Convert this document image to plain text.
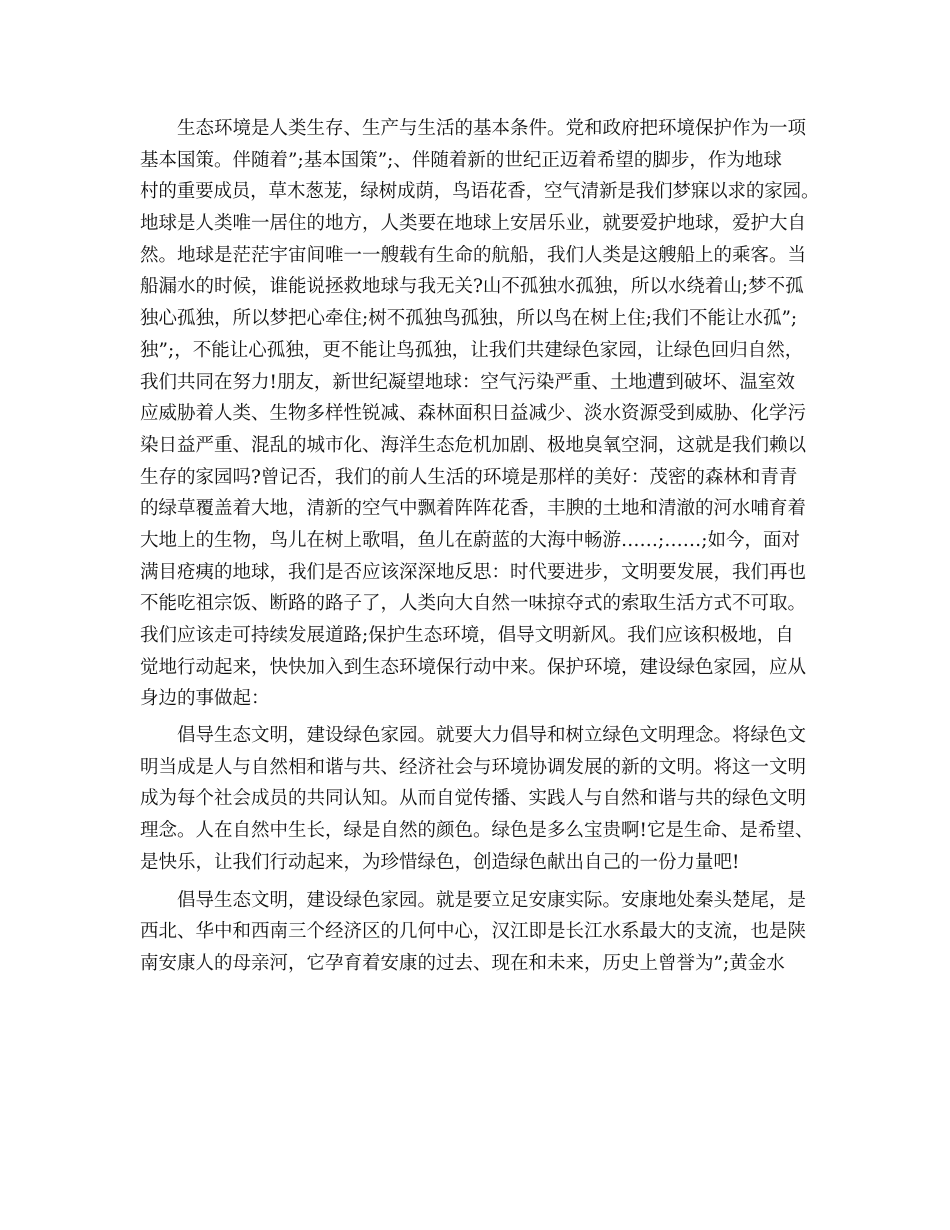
生态环境是人类生存、生产与生活的基本条件。党和政府把环境保护作为一项
基本国策。伴随着”;基本国策”;、伴随着新的世纪正迈着希望的脚步，作为地球
村的重要成员，草木葱茏，绿树成荫，鸟语花香，空气清新是我们梦寐以求的家园。
地球是人类唯一居住的地方，人类要在地球上安居乐业，就要爱护地球，爱护大自
然。地球是茫茫宇宙间唯一一艘载有生命的航船，我们人类是这艘船上的乘客。当
船漏水的时候，谁能说拯救地球与我无关?山不孤独水孤独，所以水绕着山;梦不孤
独心孤独，所以梦把心牵住;树不孤独鸟孤独，所以鸟在树上住;我们不能让水孤”;
独”;，不能让心孤独，更不能让鸟孤独，让我们共建绿色家园，让绿色回归自然，
我们共同在努力!朋友，新世纪凝望地球：空气污染严重、土地遭到破坏、温室效
应威胁着人类、生物多样性锐减、森林面积日益减少、淡水资源受到威胁、化学污
染日益严重、混乱的城市化、海洋生态危机加剧、极地臭氧空洞，这就是我们赖以
生存的家园吗?曾记否，我们的前人生活的环境是那样的美好：茂密的森林和青青
的绿草覆盖着大地，清新的空气中飘着阵阵花香，丰腴的土地和清澈的河水哺育着
大地上的生物，鸟儿在树上歌唱，鱼儿在蔚蓝的大海中畅游……;……;如今，面对
满目疮痍的地球，我们是否应该深深地反思：时代要进步，文明要发展，我们再也
不能吃祖宗饭、断路的路子了，人类向大自然一味掠夺式的索取生活方式不可取。
我们应该走可持续发展道路;保护生态环境，倡导文明新风。我们应该积极地，自
觉地行动起来，快快加入到生态环境保行动中来。保护环境，建设绿色家园，应从
身边的事做起：
倡导生态文明，建设绿色家园。就要大力倡导和树立绿色文明理念。将绿色文
明当成是人与自然相和谐与共、经济社会与环境协调发展的新的文明。将这一文明
成为每个社会成员的共同认知。从而自觉传播、实践人与自然和谐与共的绿色文明
理念。人在自然中生长，绿是自然的颜色。绿色是多么宝贵啊!它是生命、是希望、
是快乐，让我们行动起来，为珍惜绿色，创造绿色献出自己的一份力量吧!
倡导生态文明，建设绿色家园。就是要立足安康实际。安康地处秦头楚尾，是
西北、华中和西南三个经济区的几何中心，汉江即是长江水系最大的支流，也是陕
南安康人的母亲河，它孕育着安康的过去、现在和未来，历史上曾誉为”;黄金水
